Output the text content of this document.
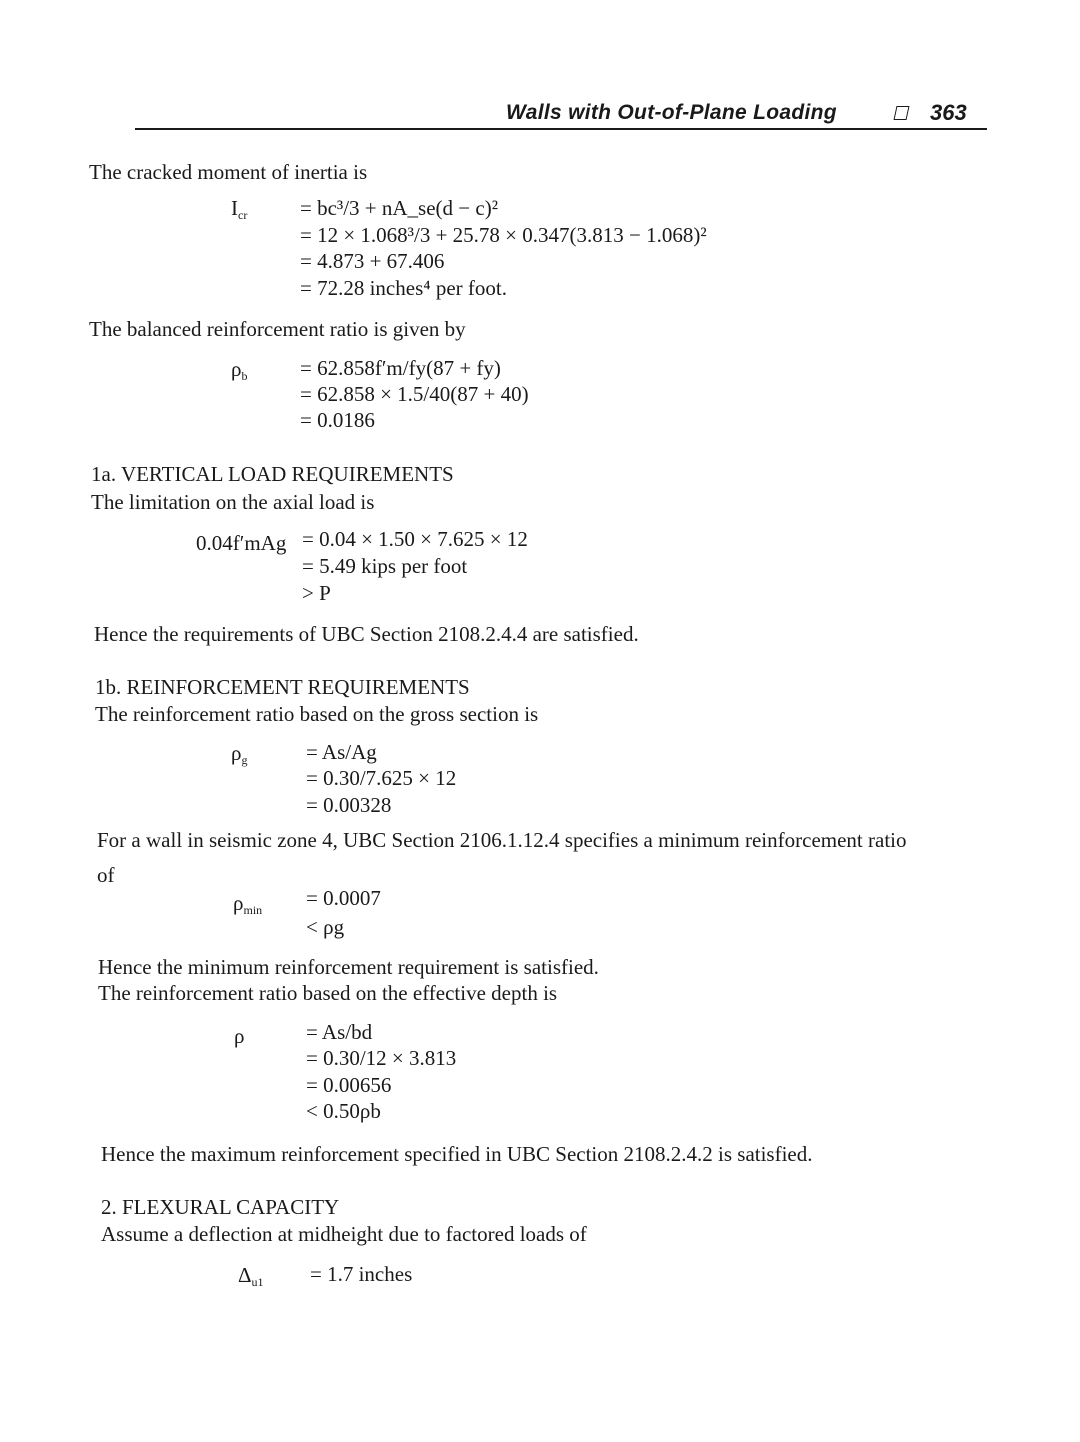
Walls with Out-of-Plane Loading	363
The cracked moment of inertia is
$I_{cr}$	= bc³/3 + nA_se(d − c)²
= 12 × 1.068³/3 + 25.78 × 0.347(3.813 − 1.068)²
= 4.873 + 67.406
= 72.28 inches⁴ per foot.
The balanced reinforcement ratio is given by
$\rho_b$	= 62.858f′m/fy(87 + fy)
= 62.858 × 1.5/40(87 + 40)
= 0.0186
1a. VERTICAL LOAD REQUIREMENTS
The limitation on the axial load is
0.04f′mAg = 0.04 × 1.50 × 7.625 × 12
= 5.49 kips per foot
> P
Hence the requirements of UBC Section 2108.2.4.4 are satisfied.
1b. REINFORCEMENT REQUIREMENTS
The reinforcement ratio based on the gross section is
$\rho_g$	= As/Ag
= 0.30/7.625 × 12
= 0.00328
For a wall in seismic zone 4, UBC Section 2106.1.12.4 specifies a minimum reinforcement ratio
of
$\rho_{min} = 0.0007$
< ρg
Hence the minimum reinforcement requirement is satisfied.
The reinforcement ratio based on the effective depth is
ρ	= As/bd
= 0.30/12 × 3.813
= 0.00656
< 0.50ρb
Hence the maximum reinforcement specified in UBC Section 2108.2.4.2 is satisfied.
2. FLEXURAL CAPACITY
Assume a deflection at midheight due to factored loads of
$\Delta_{u1} = 1.7$ inches
